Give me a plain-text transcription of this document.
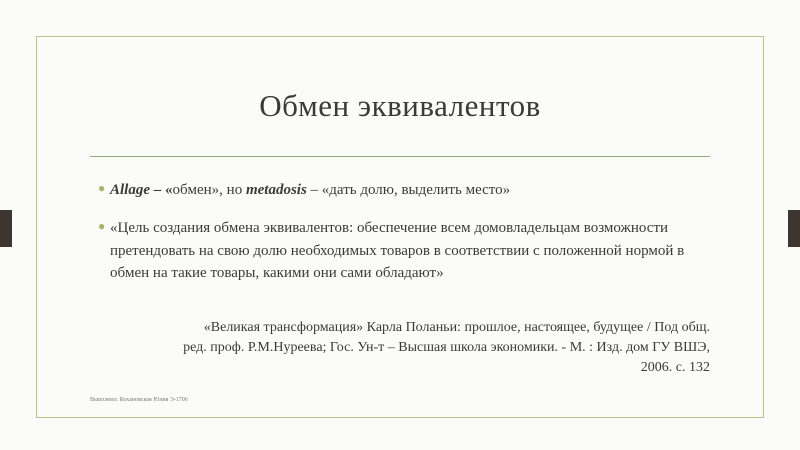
Обмен эквивалентов
● Allage – «обмен», но metadosis – «дать долю, выделить место»
● «Цель создания обмена эквивалентов: обеспечение всем домовладельцам возможности претендовать на свою долю необходимых товаров в соответствии с положенной нормой в обмен на такие товары, какими они сами обладают»
«Великая трансформация» Карла Поланьи: прошлое, настоящее, будущее / Под общ.
ред. проф. Р.М.Нуреева; Гос. Ун-т – Высшая школа экономики. - М. : Изд. дом ГУ ВШЭ,
2006. с. 132
Выполнил: Кохановская Юлия Э-1706
